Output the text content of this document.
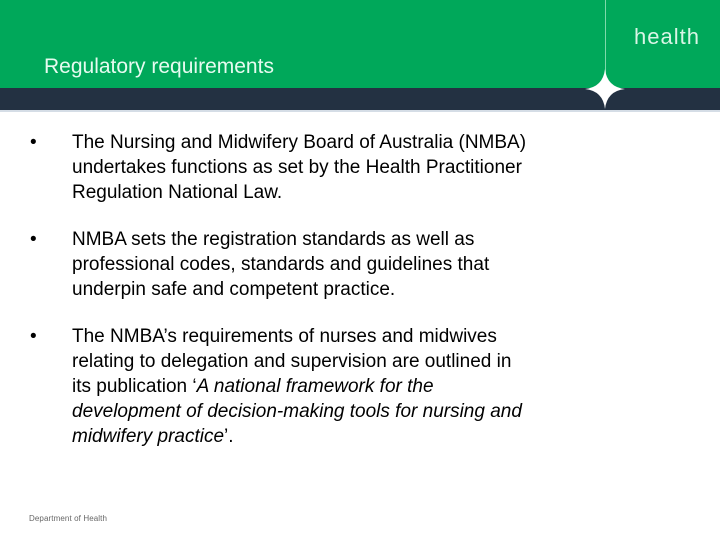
health
Regulatory requirements
•	The Nursing and Midwifery Board of Australia (NMBA) undertakes functions as set by the Health Practitioner Regulation National Law.
•	NMBA sets the registration standards as well as professional codes, standards and guidelines that underpin safe and competent practice.
•	The NMBA’s requirements of nurses and midwives relating to delegation and supervision are outlined in its publication ‘A national framework for the development of decision-making tools for nursing and midwifery practice’.
Department of Health
